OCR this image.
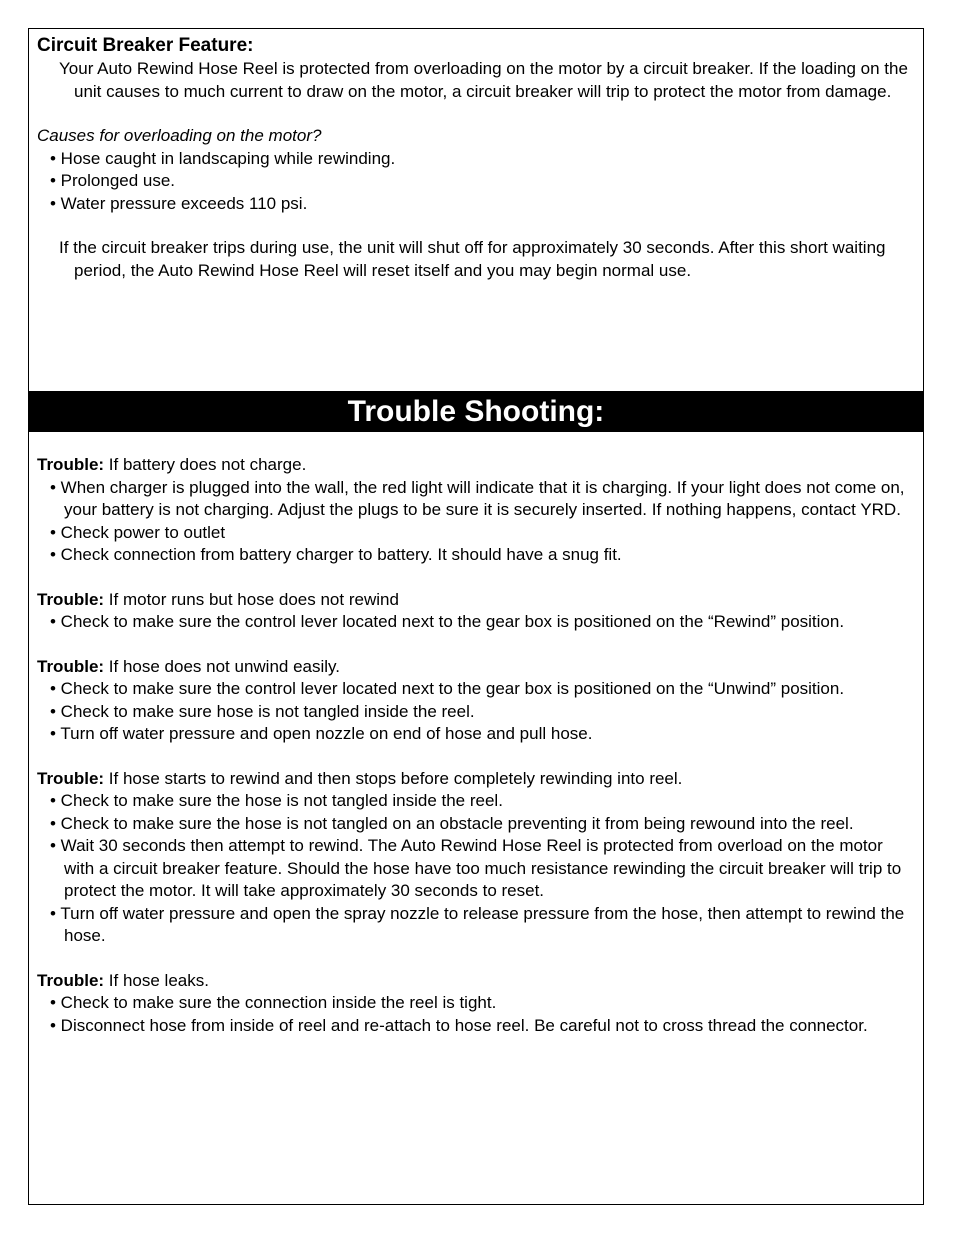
Circuit Breaker Feature:

Your Auto Rewind Hose Reel is protected from overloading on the motor by a circuit breaker. If the loading on the unit causes to much current to draw on the motor, a circuit breaker will trip to protect the motor from damage.

Causes for overloading on the motor?

• Hose caught in landscaping while rewinding.

• Prolonged use.

• Water pressure exceeds 110 psi.

If the circuit breaker trips during use, the unit will shut off for approximately 30 seconds. After this short waiting period, the Auto Rewind Hose Reel will reset itself and you may begin normal use.

Trouble Shooting:
Trouble: If battery does not charge.

• When charger is plugged into the wall, the red light will indicate that it is charging. If your light does not come on, your battery is not charging. Adjust the plugs to be sure it is securely inserted. If nothing happens, contact YRD.

• Check power to outlet

• Check connection from battery charger to battery. It should have a snug fit.

Trouble: If motor runs but hose does not rewind

• Check to make sure the control lever located next to the gear box is positioned on the “Rewind” position.

Trouble: If hose does not unwind easily.

• Check to make sure the control lever located next to the gear box is positioned on the “Unwind” position.

• Check to make sure hose is not tangled inside the reel.

• Turn off water pressure and open nozzle on end of hose and pull hose.

Trouble: If hose starts to rewind and then stops before completely rewinding into reel.

• Check to make sure the hose is not tangled inside the reel.

• Check to make sure the hose is not tangled on an obstacle preventing it from being rewound into the reel.

• Wait 30 seconds then attempt to rewind. The Auto Rewind Hose Reel is protected from overload on the motor with a circuit breaker feature. Should the hose have too much resistance rewinding the circuit breaker will trip to protect the motor. It will take approximately 30 seconds to reset.

• Turn off water pressure and open the spray nozzle to release pressure from the hose, then attempt to rewind the hose.

Trouble: If hose leaks.

• Check to make sure the connection inside the reel is tight.

• Disconnect hose from inside of reel and re-attach to hose reel. Be careful not to cross thread the connector.
